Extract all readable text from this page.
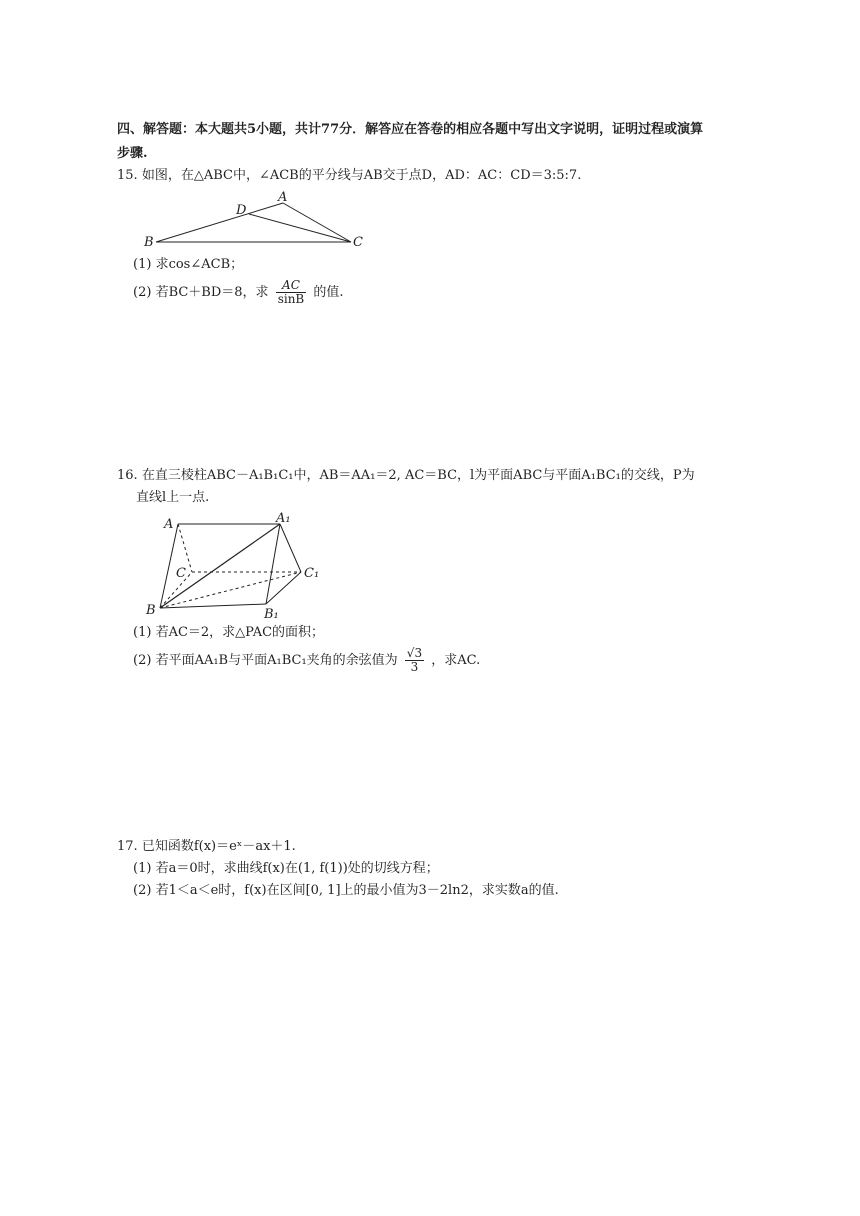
四、解答题：本大题共5小题，共计77分．解答应在答卷的相应各题中写出文字说明，证明过程或演算
步骤.
15. 如图，在△ABC中，∠ACB的平分线与AB交于点D，AD：AC：CD＝3:5:7.
A
D
B	C
(1) 求cos∠ACB；
(2) 若BC＋BD＝8，求 $\frac{AC}{\sin B}$ 的值.
16. 在直三棱柱ABC－A₁B₁C₁中，AB＝AA₁＝2, AC＝BC，l为平面ABC与平面A₁BC₁的交线，P为
直线l上一点.
A	A₁
C	C₁
B	B₁
(1) 若AC＝2，求△PAC的面积；
(2) 若平面AA₁B与平面A₁BC₁夹角的余弦值为 $\frac{√3}{3}$ ，求AC.
17. 已知函数f(x)＝eˣ－ax＋1.
(1) 若a＝0时，求曲线f(x)在(1, f(1))处的切线方程；
(2) 若1＜a＜e时，f(x)在区间[0, 1]上的最小值为3－2ln2，求实数a的值.
